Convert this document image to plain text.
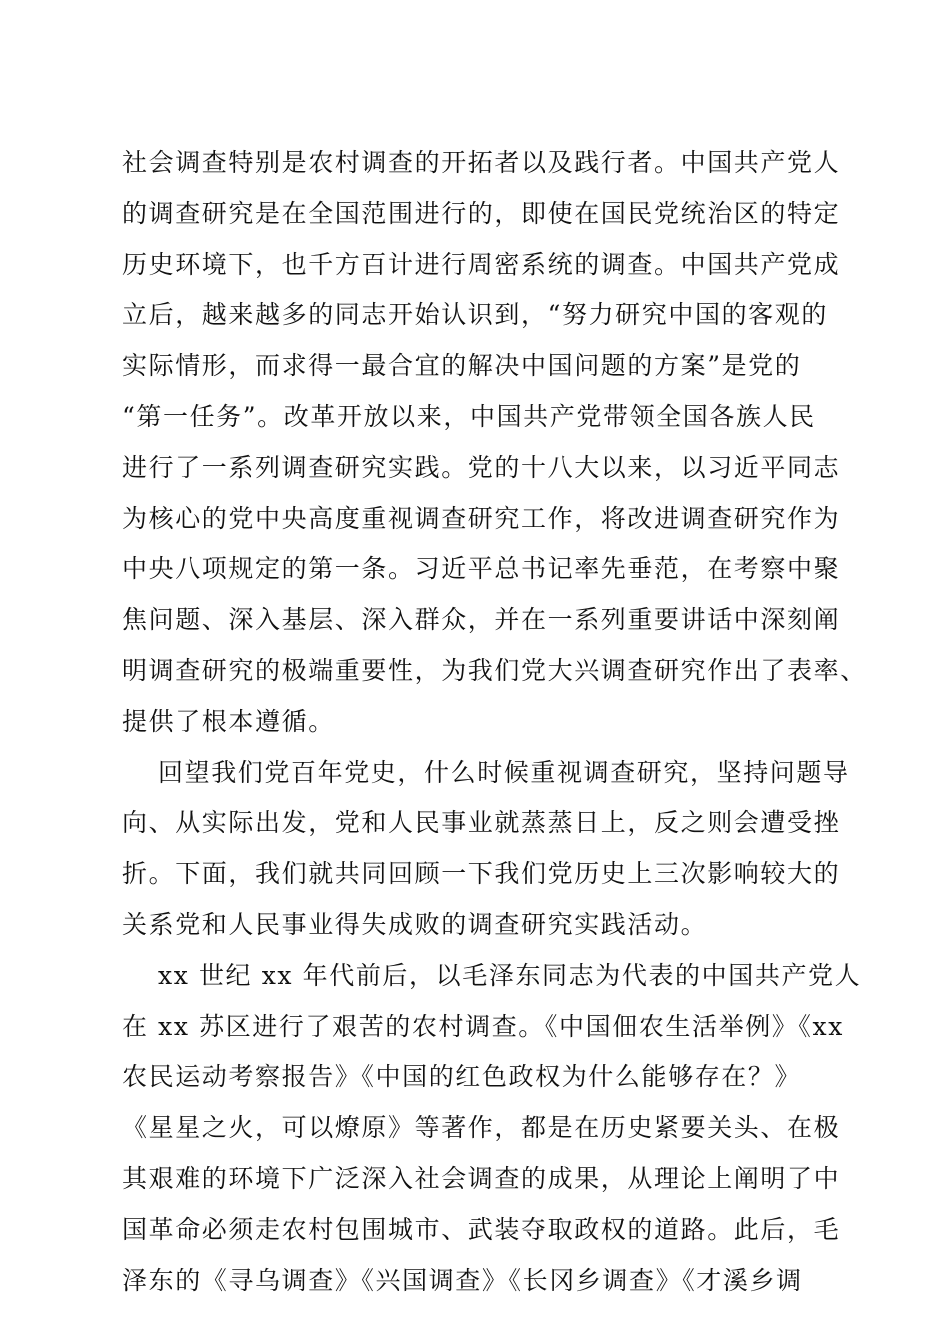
社会调查特别是农村调查的开拓者以及践行者。中国共产党人
的调查研究是在全国范围进行的，即使在国民党统治区的特定
历史环境下，也千方百计进行周密系统的调查。中国共产党成
立后，越来越多的同志开始认识到，“努力研究中国的客观的
实际情形，而求得一最合宜的解决中国问题的方案”是党的
“第一任务”。改革开放以来，中国共产党带领全国各族人民
进行了一系列调查研究实践。党的十八大以来，以习近平同志
为核心的党中央高度重视调查研究工作，将改进调查研究作为
中央八项规定的第一条。习近平总书记率先垂范，在考察中聚
焦问题、深入基层、深入群众，并在一系列重要讲话中深刻阐
明调查研究的极端重要性，为我们党大兴调查研究作出了表率、
提供了根本遵循。
回望我们党百年党史，什么时候重视调查研究，坚持问题导
向、从实际出发，党和人民事业就蒸蒸日上，反之则会遭受挫
折。下面，我们就共同回顾一下我们党历史上三次影响较大的
关系党和人民事业得失成败的调查研究实践活动。
xx 世纪 xx 年代前后，以毛泽东同志为代表的中国共产党人
在 xx 苏区进行了艰苦的农村调查。《中国佃农生活举例》《xx
农民运动考察报告》《中国的红色政权为什么能够存在？》
《星星之火，可以燎原》等著作，都是在历史紧要关头、在极
其艰难的环境下广泛深入社会调查的成果，从理论上阐明了中
国革命必须走农村包围城市、武装夺取政权的道路。此后，毛
泽东的《寻乌调查》《兴国调查》《长冈乡调查》《才溪乡调
